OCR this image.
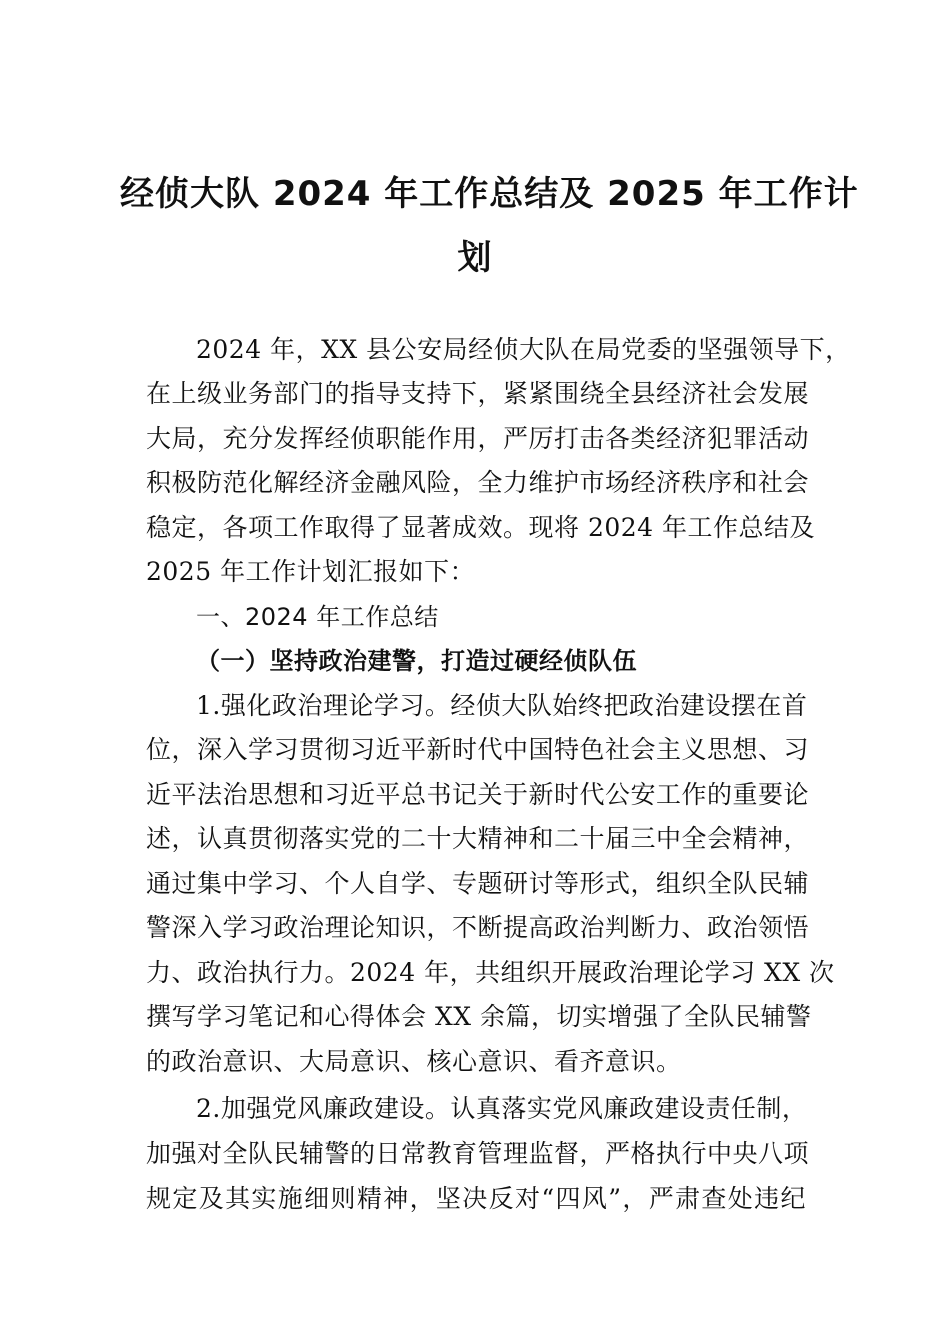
经侦大队 2024 年工作总结及 2025 年工作计
划
2024 年，XX 县公安局经侦大队在局党委的坚强领导下，
在上级业务部门的指导支持下，紧紧围绕全县经济社会发展
大局，充分发挥经侦职能作用，严厉打击各类经济犯罪活动
积极防范化解经济金融风险，全力维护市场经济秩序和社会
稳定，各项工作取得了显著成效。现将 2024 年工作总结及
2025 年工作计划汇报如下：
一、2024 年工作总结
（一）坚持政治建警，打造过硬经侦队伍
1.强化政治理论学习。经侦大队始终把政治建设摆在首
位，深入学习贯彻习近平新时代中国特色社会主义思想、习
近平法治思想和习近平总书记关于新时代公安工作的重要论
述，认真贯彻落实党的二十大精神和二十届三中全会精神，
通过集中学习、个人自学、专题研讨等形式，组织全队民辅
警深入学习政治理论知识，不断提高政治判断力、政治领悟
力、政治执行力。2024 年，共组织开展政治理论学习 XX 次
撰写学习笔记和心得体会 XX 余篇，切实增强了全队民辅警
的政治意识、大局意识、核心意识、看齐意识。
2.加强党风廉政建设。认真落实党风廉政建设责任制，
加强对全队民辅警的日常教育管理监督，严格执行中央八项
规定及其实施细则精神，坚决反对“四风”，严肃查处违纪
